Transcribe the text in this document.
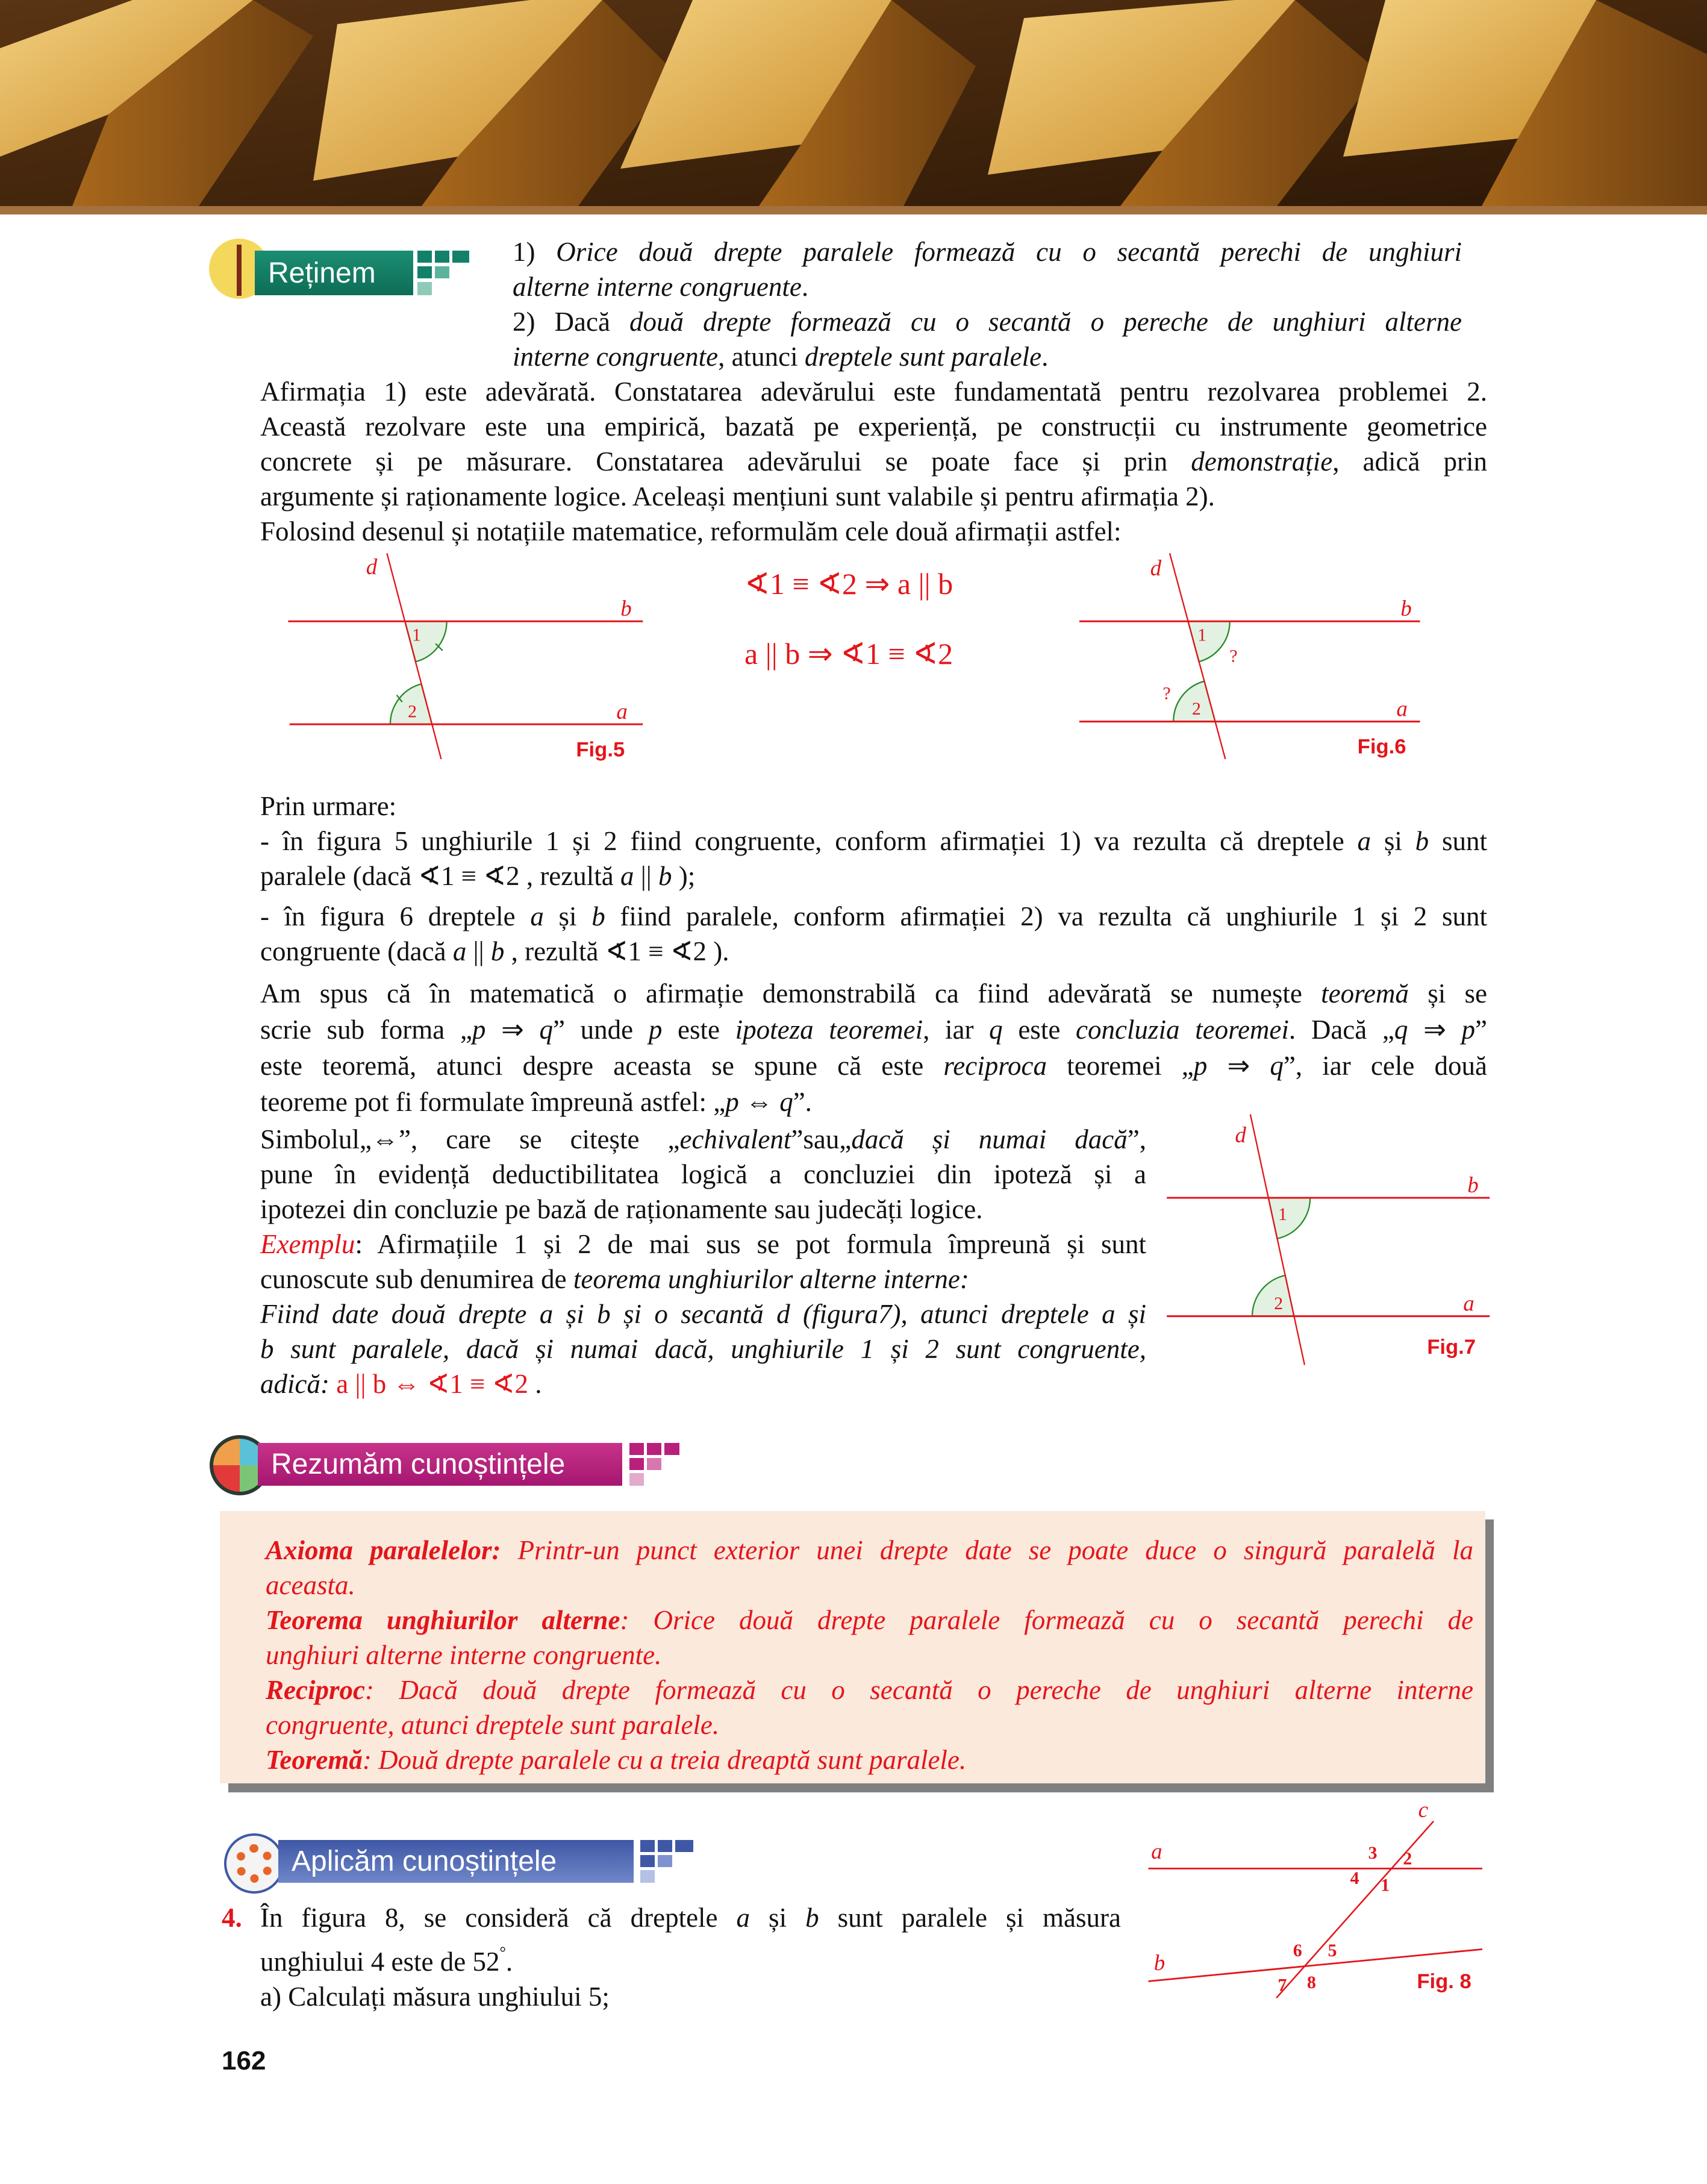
Reținem
1) Orice două drepte paralele formează cu o secantă perechi de unghiuri
alterne interne congruente.
2) Dacă două drepte formează cu o secantă o pereche de unghiuri alterne
interne congruente, atunci dreptele sunt paralele.
Afirmația 1) este adevărată. Constatarea adevărului este fundamentată pentru rezolvarea problemei 2.
Această rezolvare este una empirică, bazată pe experiență, pe construcții cu instrumente geometrice
concrete și pe măsurare. Constatarea adevărului se poate face și prin demonstrație, adică prin
argumente și raționamente logice. Aceleași mențiuni sunt valabile și pentru afirmația 2).
Folosind desenul și notațiile matematice, reformulăm cele două afirmații astfel:
d
b
a
1
2
Fig.5
∢1 ≡ ∢2 ⇒ a || b
a || b ⇒ ∢1 ≡ ∢2
d
b
a
1
2
?
?
Fig.6
Prin urmare:
- în figura 5 unghiurile 1 și 2 fiind congruente, conform afirmației 1) va rezulta că dreptele a și b sunt
paralele (dacă ∢1 ≡ ∢2 , rezultă a || b );
- în figura 6 dreptele a și b fiind paralele, conform afirmației 2) va rezulta că unghiurile 1 și 2 sunt
congruente (dacă a || b , rezultă ∢1 ≡ ∢2 ).
Am spus că în matematică o afirmație demonstrabilă ca fiind adevărată se numește teoremă și se
scrie sub forma „p ⇒ q” unde p este ipoteza teoremei, iar q este concluzia teoremei. Dacă „q ⇒ p”
este teoremă, atunci despre aceasta se spune că este reciproca teoremei „p ⇒ q”, iar cele două
teoreme pot fi formulate împreună astfel: „p ⇔ q”.
Simbolul„⇔”, care se citește „echivalent”sau„dacă și numai dacă”,
pune în evidență deductibilitatea logică a concluziei din ipoteză și a
ipotezei din concluzie pe bază de raționamente sau judecăți logice.
Exemplu: Afirmațiile 1 și 2 de mai sus se pot formula împreună și sunt
cunoscute sub denumirea de teorema unghiurilor alterne interne:
Fiind date două drepte a și b și o secantă d (figura7), atunci dreptele a și
b sunt paralele, dacă și numai dacă, unghiurile 1 și 2 sunt congruente,
adică: a || b ⇔ ∢1 ≡ ∢2 .
d
b
a
1
2
Fig.7
Rezumăm cunoștințele
Axioma paralelelor: Printr-un punct exterior unei drepte date se poate duce o singură paralelă la
aceasta.
Teorema unghiurilor alterne: Orice două drepte paralele formează cu o secantă perechi de
unghiuri alterne interne congruente.
Reciproc: Dacă două drepte formează cu o secantă o pereche de unghiuri alterne interne
congruente, atunci dreptele sunt paralele.
Teoremă: Două drepte paralele cu a treia dreaptă sunt paralele.
Aplicăm cunoștințele
4. În figura 8, se consideră că dreptele a și b sunt paralele și măsura
unghiului 4 este de 52°.
a) Calculați măsura unghiului 5;
c
a
b
3	2
4	1
6	5
7	8	Fig. 8
162
